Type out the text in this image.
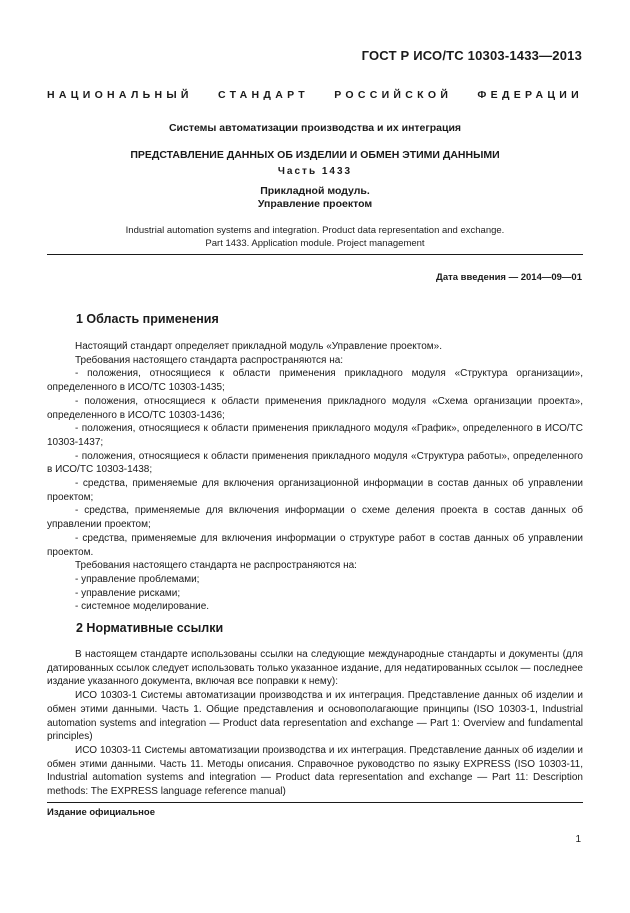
ГОСТ Р ИСО/ТС 10303-1433—2013
НАЦИОНАЛЬНЫЙ СТАНДАРТ РОССИЙСКОЙ ФЕДЕРАЦИИ
Системы автоматизации производства и их интеграция
ПРЕДСТАВЛЕНИЕ ДАННЫХ ОБ ИЗДЕЛИИ И ОБМЕН ЭТИМИ ДАННЫМИ
Часть 1433
Прикладной модуль.
Управление проектом
Industrial automation systems and integration. Product data representation and exchange.
Part 1433. Application module. Project management
Дата введения — 2014—09—01
1 Область применения

Настоящий стандарт определяет прикладной модуль «Управление проектом».

Требования настоящего стандарта распространяются на:

- положения, относящиеся к области применения прикладного модуля «Структура организации», определенного в ИСО/ТС 10303-1435;

- положения, относящиеся к области применения прикладного модуля «Схема организации проекта», определенного в ИСО/ТС 10303-1436;

- положения, относящиеся к области применения прикладного модуля «График», определенного в ИСО/ТС 10303-1437;

- положения, относящиеся к области применения прикладного модуля «Структура работы», определенного в ИСО/ТС 10303-1438;

- средства, применяемые для включения организационной информации в состав данных об управлении проектом;

- средства, применяемые для включения информации о схеме деления проекта в состав данных об управлении проектом;

- средства, применяемые для включения информации о структуре работ в состав данных об управлении проектом.

Требования настоящего стандарта не распространяются на:

- управление проблемами;

- управление рисками;

- системное моделирование.

2 Нормативные ссылки

В настоящем стандарте использованы ссылки на следующие международные стандарты и документы (для датированных ссылок следует использовать только указанное издание, для недатированных ссылок — последнее издание указанного документа, включая все поправки к нему):

ИСО 10303-1 Системы автоматизации производства и их интеграция. Представление данных об изделии и обмен этими данными. Часть 1. Общие представления и основополагающие принципы (ISO 10303-1, Industrial automation systems and integration — Product data representation and exchange — Part 1: Overview and fundamental principles)

ИСО 10303-11 Системы автоматизации производства и их интеграция. Представление данных об изделии и обмен этими данными. Часть 11. Методы описания. Справочное руководство по языку EXPRESS (ISO 10303-11, Industrial automation systems and integration — Product data representation and exchange — Part 11: Description methods: The EXPRESS language reference manual)

Издание официальное
1
